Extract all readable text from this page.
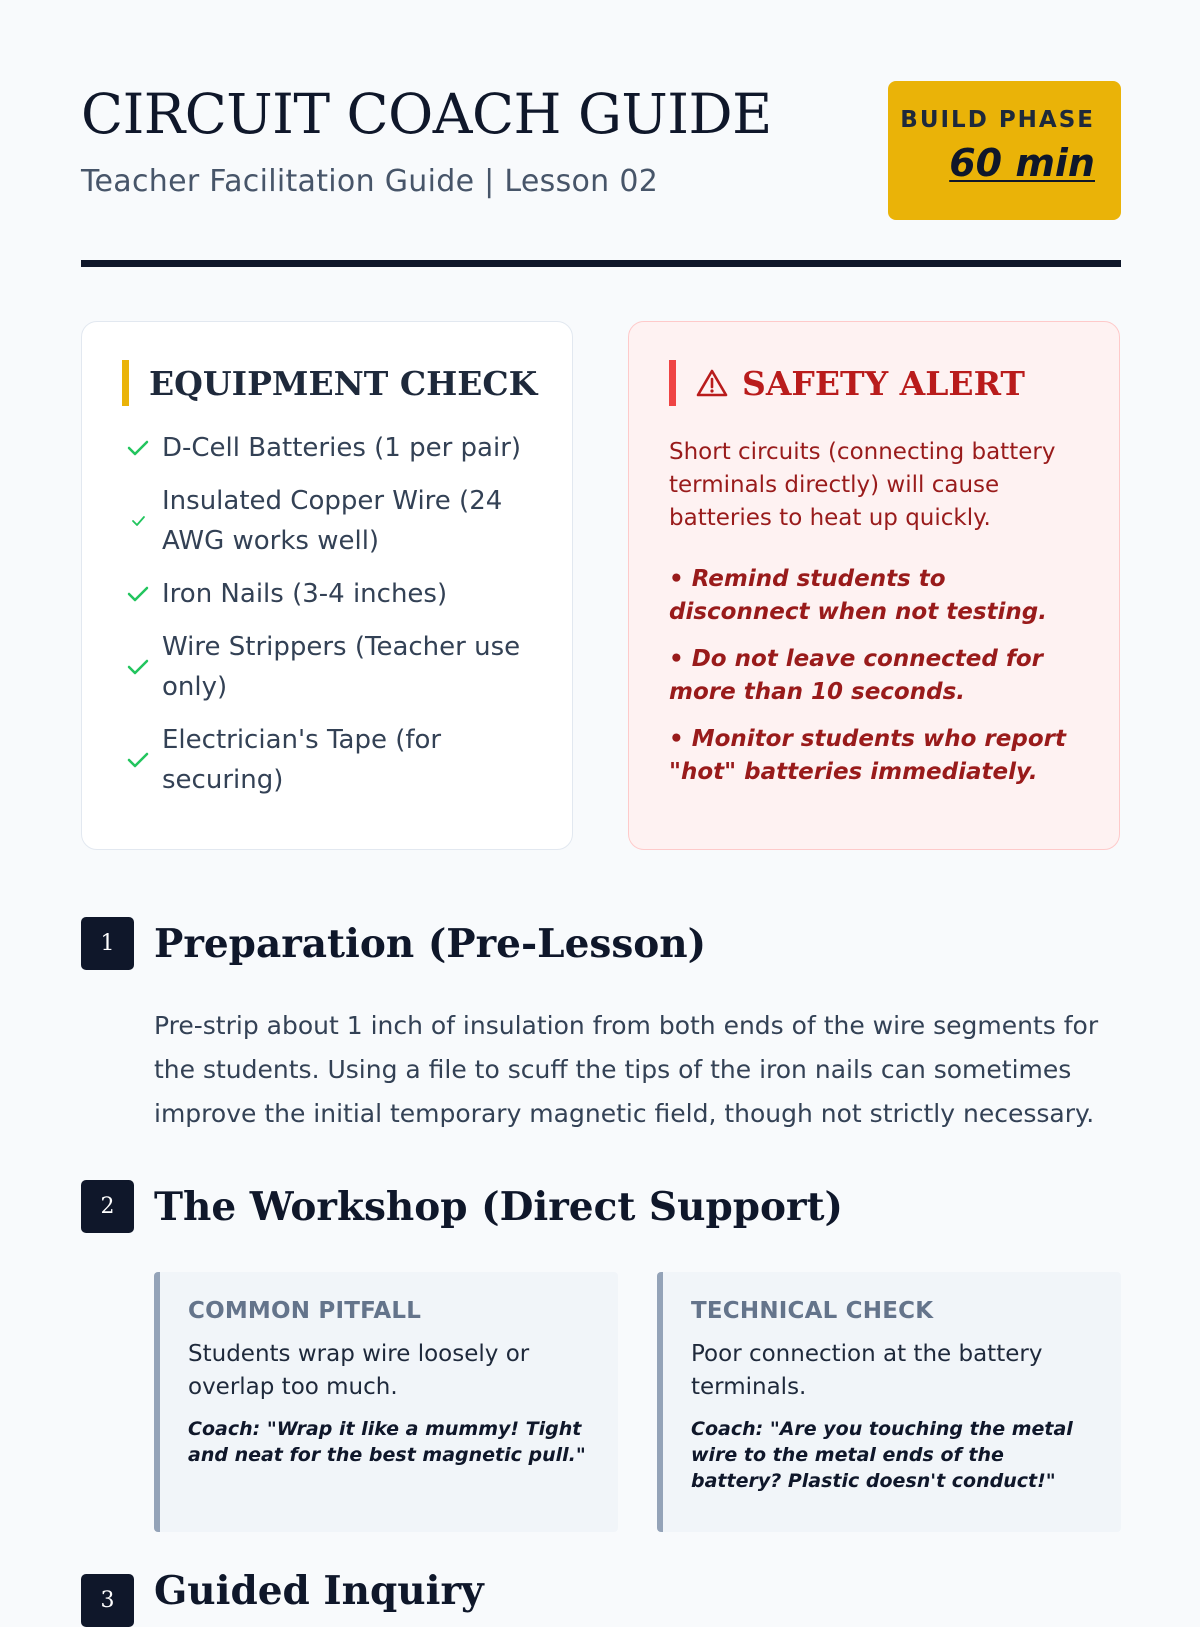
CIRCUIT COACH GUIDE
Teacher Facilitation Guide | Lesson 02
BUILD PHASE
60 min
EQUIPMENT CHECK
D-Cell Batteries (1 per pair)
Insulated Copper Wire (24 AWG works well)
Iron Nails (3-4 inches)
Wire Strippers (Teacher use only)
Electrician's Tape (for securing)
SAFETY ALERT

Short circuits (connecting battery terminals directly) will cause batteries to heat up quickly.

• Remind students to disconnect when not testing.

• Do not leave connected for more than 10 seconds.

• Monitor students who report "hot" batteries immediately.

1	Preparation (Pre-Lesson)

Pre-strip about 1 inch of insulation from both ends of the wire segments for the students. Using a file to scuff the tips of the iron nails can sometimes improve the initial temporary magnetic field, though not strictly necessary.

2	The Workshop (Direct Support)
COMMON PITFALL

Students wrap wire loosely or overlap too much.

Coach: "Wrap it like a mummy! Tight and neat for the best magnetic pull."

TECHNICAL CHECK

Poor connection at the battery terminals.

Coach: "Are you touching the metal wire to the metal ends of the battery? Plastic doesn't conduct!"

3	Guided Inquiry
